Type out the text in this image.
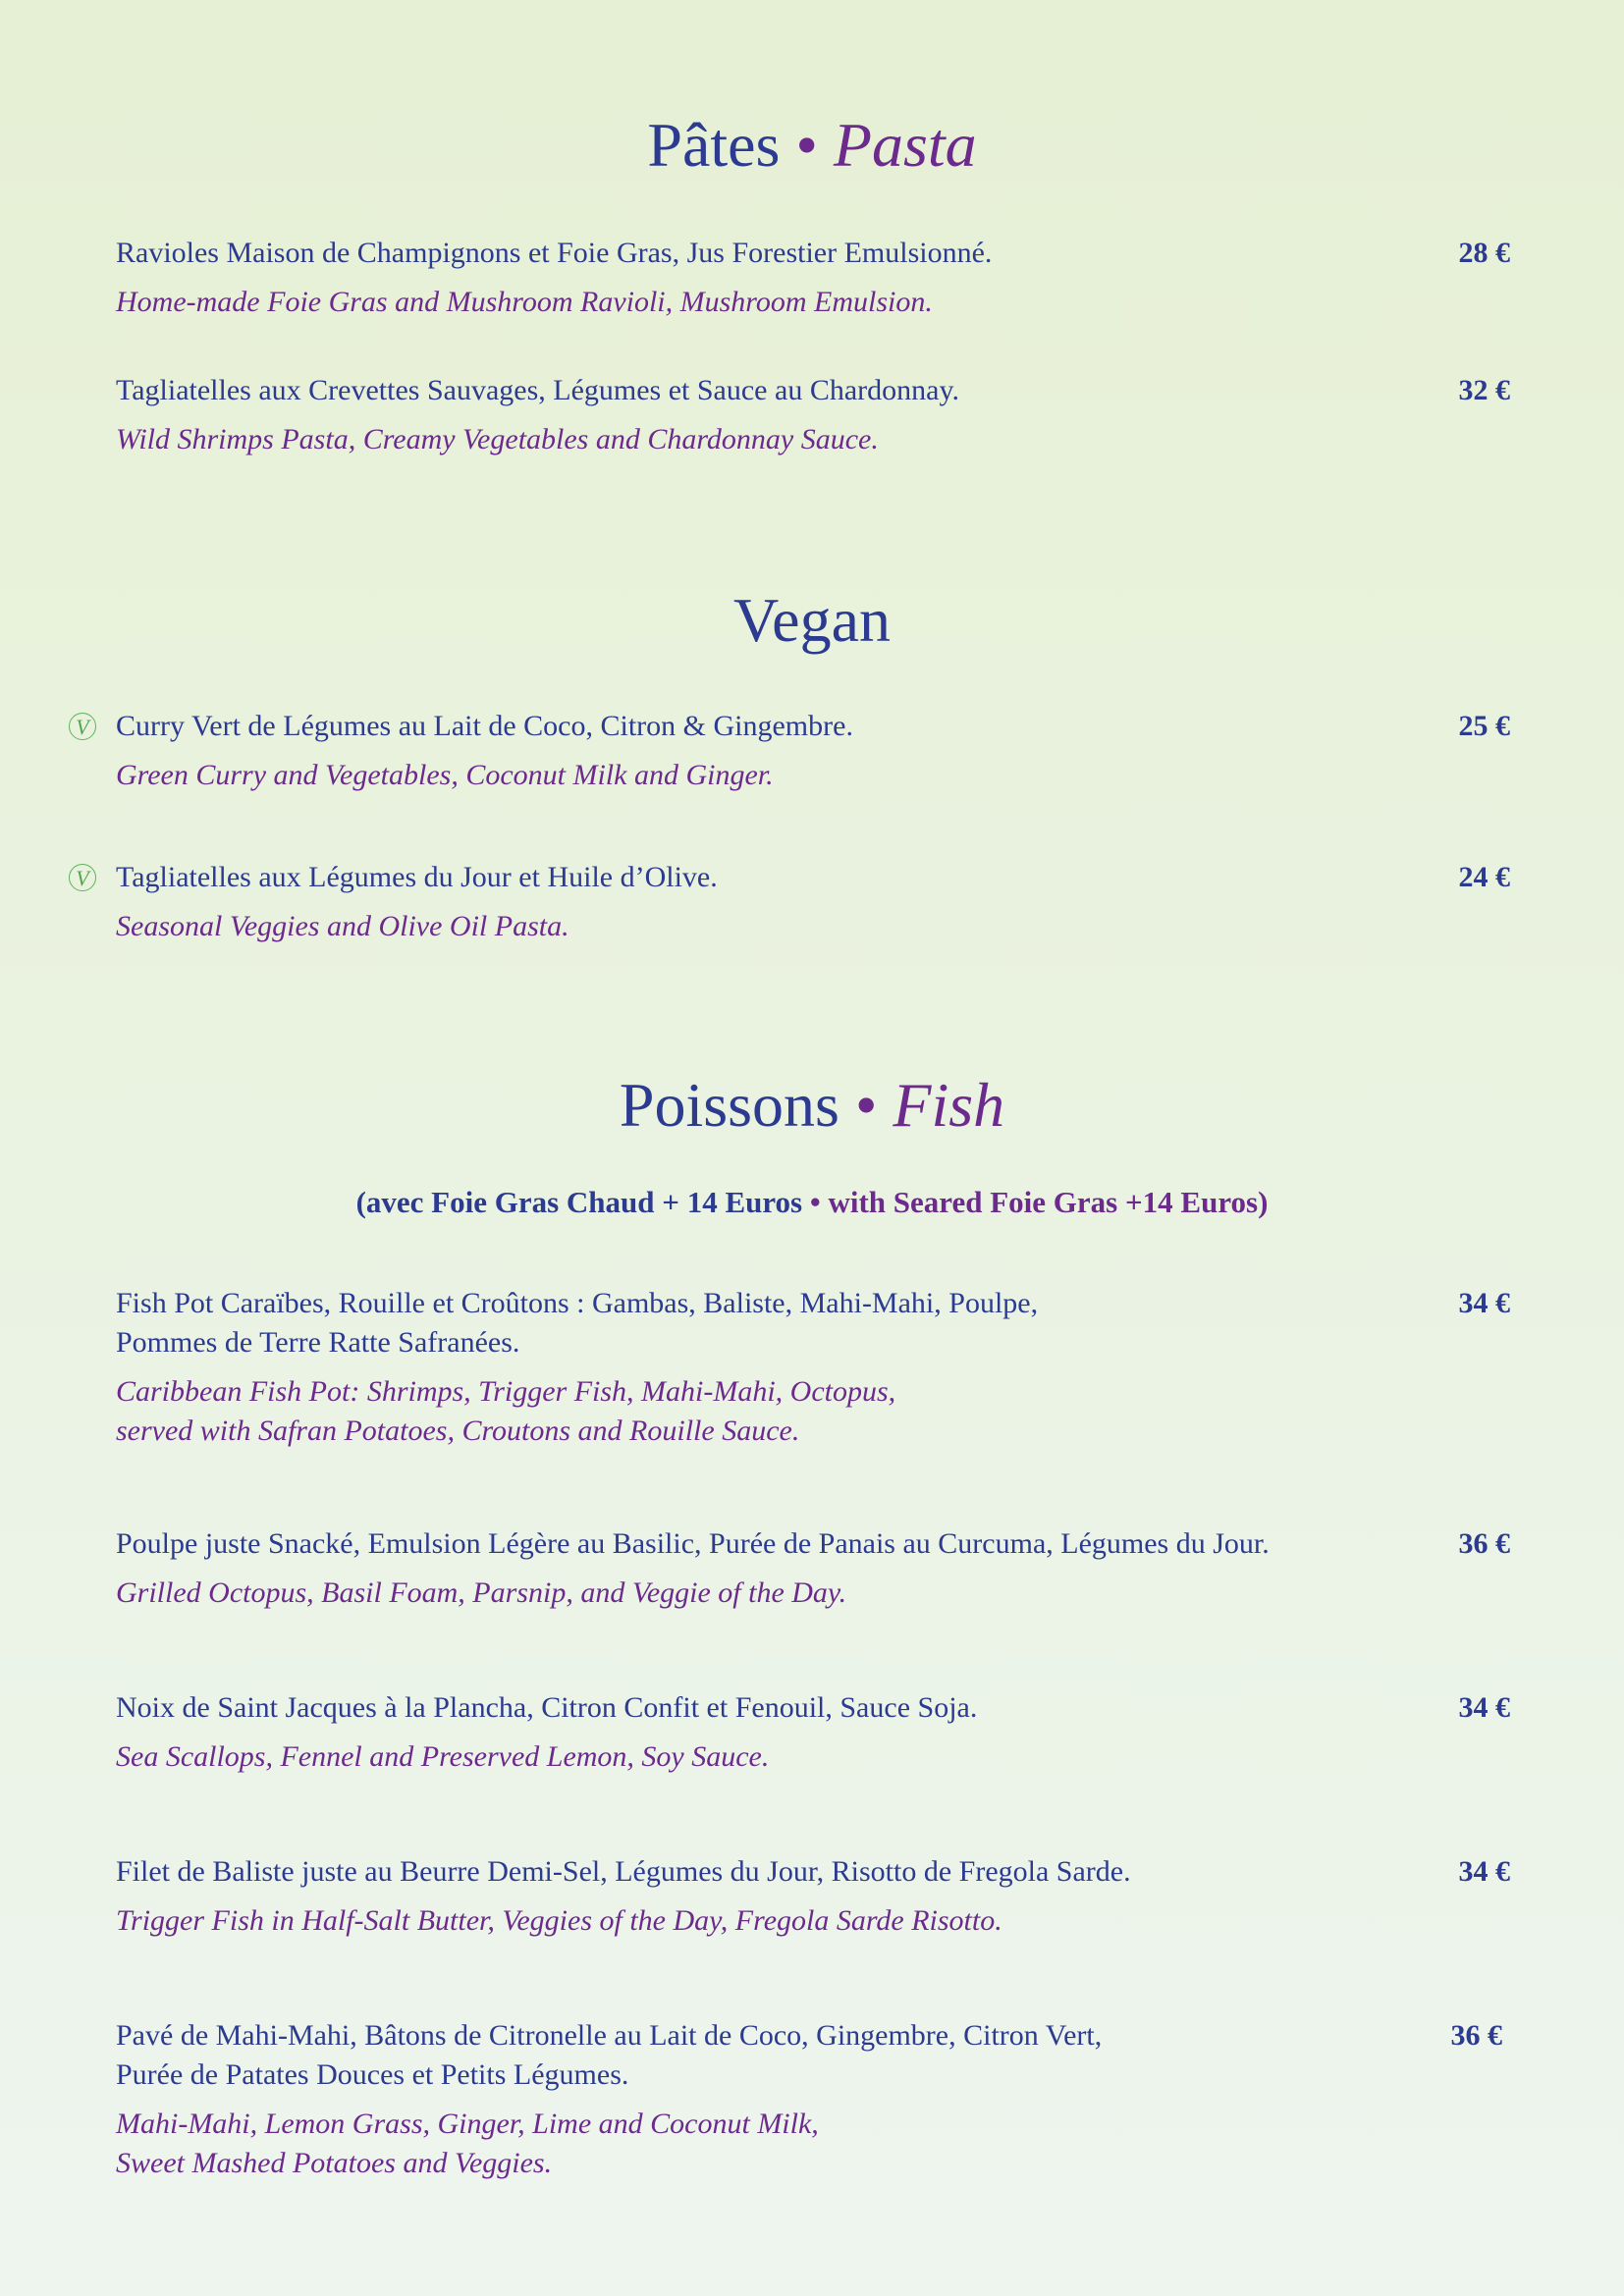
Pâtes • Pasta
Ravioles Maison de Champignons et Foie Gras, Jus Forestier Emulsionné.
Home-made Foie Gras and Mushroom Ravioli, Mushroom Emulsion.
28 €
Tagliatelles aux Crevettes Sauvages, Légumes et Sauce au Chardonnay.
Wild Shrimps Pasta, Creamy Vegetables and Chardonnay Sauce.
32 €
Vegan
V Curry Vert de Légumes au Lait de Coco, Citron & Gingembre.
Green Curry and Vegetables, Coconut Milk and Ginger.
25 €
V Tagliatelles aux Légumes du Jour et Huile d’Olive.
Seasonal Veggies and Olive Oil Pasta.
24 €
Poissons • Fish
(avec Foie Gras Chaud + 14 Euros • with Seared Foie Gras +14 Euros)
Fish Pot Caraïbes, Rouille et Croûtons : Gambas, Baliste, Mahi-Mahi, Poulpe,
Pommes de Terre Ratte Safranées.
Caribbean Fish Pot: Shrimps, Trigger Fish, Mahi-Mahi, Octopus,
served with Safran Potatoes, Croutons and Rouille Sauce.
34 €
Poulpe juste Snacké, Emulsion Légère au Basilic, Purée de Panais au Curcuma, Légumes du Jour.
Grilled Octopus, Basil Foam, Parsnip, and Veggie of the Day.
36 €
Noix de Saint Jacques à la Plancha, Citron Confit et Fenouil, Sauce Soja.
Sea Scallops, Fennel and Preserved Lemon, Soy Sauce.
34 €
Filet de Baliste juste au Beurre Demi-Sel, Légumes du Jour, Risotto de Fregola Sarde.
Trigger Fish in Half-Salt Butter, Veggies of the Day, Fregola Sarde Risotto.
34 €
Pavé de Mahi-Mahi, Bâtons de Citronelle au Lait de Coco, Gingembre, Citron Vert,
Purée de Patates Douces et Petits Légumes.
Mahi-Mahi, Lemon Grass, Ginger, Lime and Coconut Milk,
Sweet Mashed Potatoes and Veggies.
36 €
